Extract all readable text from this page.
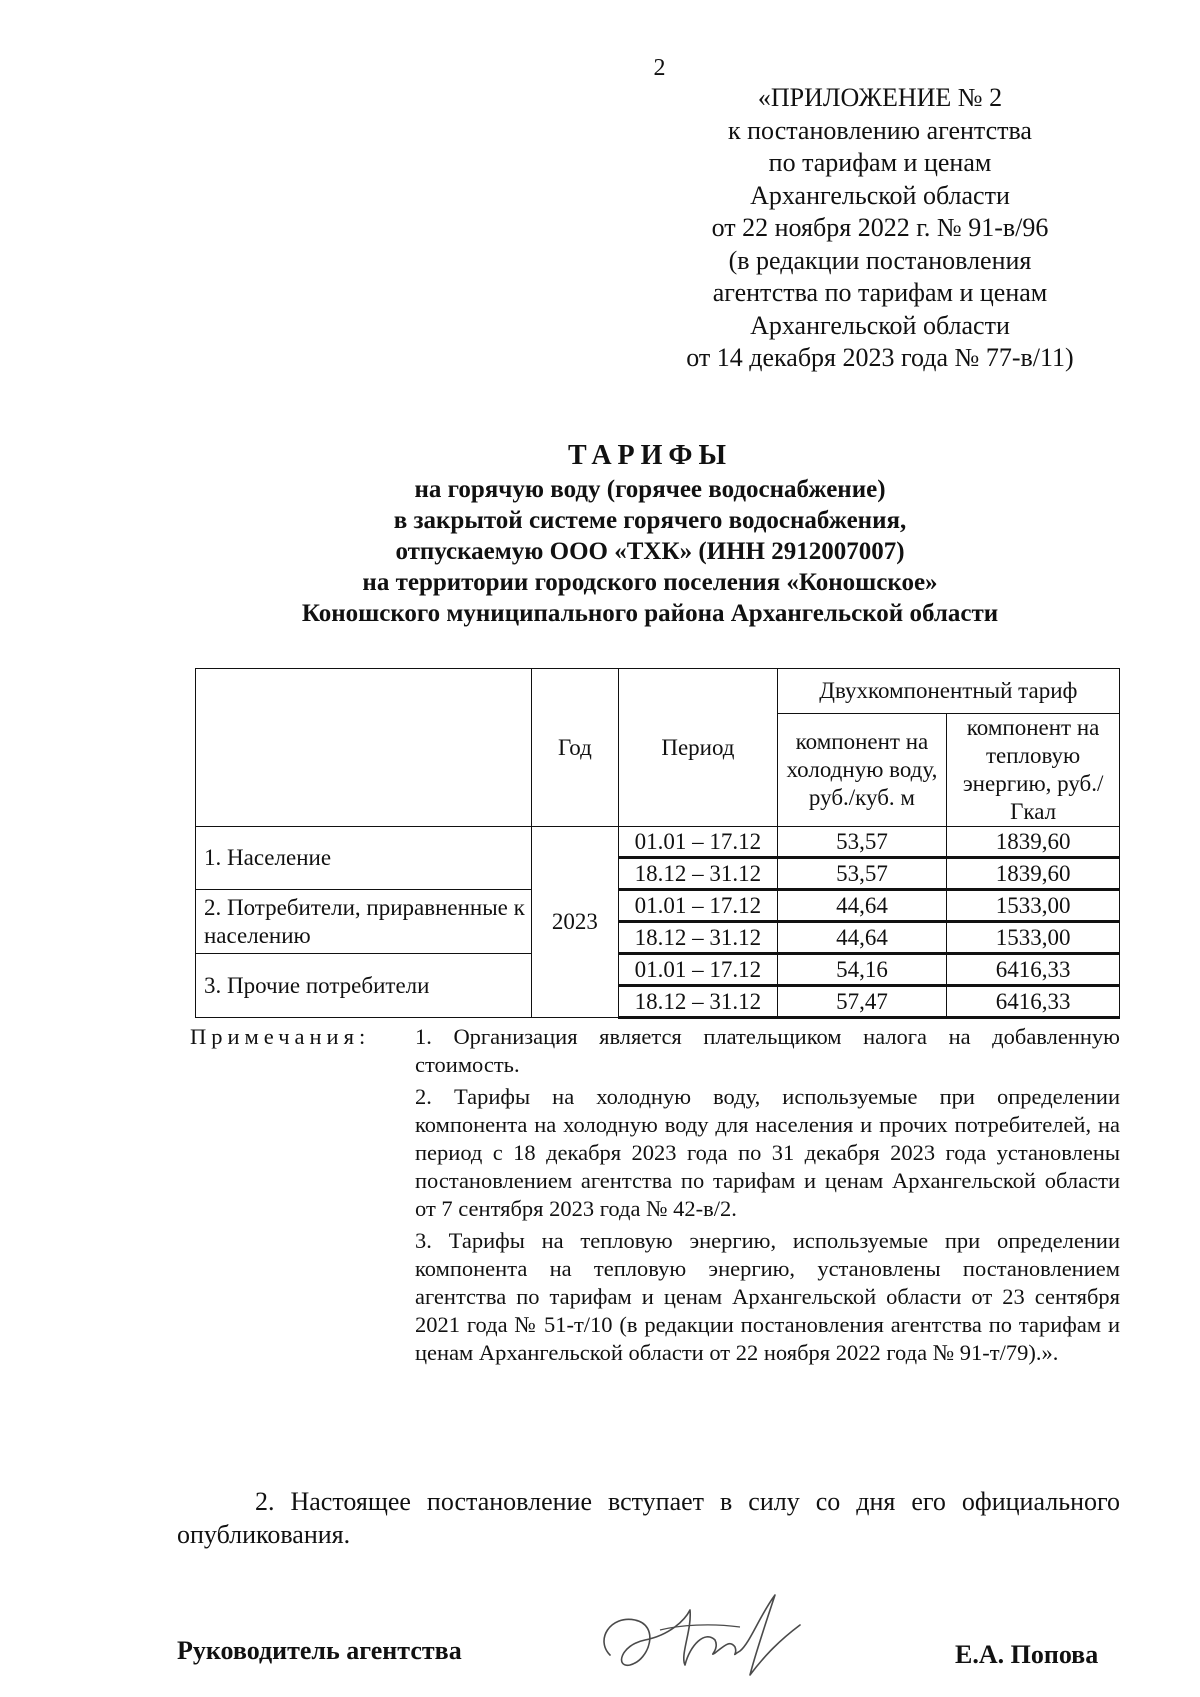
2
«ПРИЛОЖЕНИЕ № 2
к постановлению агентства
по тарифам и ценам
Архангельской области
от 22 ноября 2022 г. № 91-в/96
(в редакции постановления
агентства по тарифам и ценам
Архангельской области
от 14 декабря 2023 года № 77-в/11)
ТАРИФЫ
на горячую воду (горячее водоснабжение)
в закрытой системе горячего водоснабжения,
отпускаемую ООО «ТХК» (ИНН 2912007007)
на территории городского поселения «Коношское»
Коношского муниципального района Архангельской области
	Год	Период	Двухкомпонентный тариф	
			компонент на холодную воду, руб./куб. м	компонент на тепловую энергию, руб./Гкал
1. Население	2023	01.01 – 17.12	53,57	1839,60
		18.12 – 31.12	53,57	1839,60
2. Потребители, приравненные к населению		01.01 – 17.12	44,64	1533,00
		18.12 – 31.12	44,64	1533,00
3. Прочие потребители		01.01 – 17.12	54,16	6416,33
		18.12 – 31.12	57,47	6416,33
Примечания: 1. Организация является плательщиком налога на добавленную стоимость.

2. Тарифы на холодную воду, используемые при определении компонента на холодную воду для населения и прочих потребителей, на период с 18 декабря 2023 года по 31 декабря 2023 года установлены постановлением агентства по тарифам и ценам Архангельской области от 7 сентября 2023 года № 42-в/2.

3. Тарифы на тепловую энергию, используемые при определении компонента на тепловую энергию, установлены постановлением агентства по тарифам и ценам Архангельской области от 23 сентября 2021 года № 51-т/10 (в редакции постановления агентства по тарифам и ценам Архангельской области от 22 ноября 2022 года № 91-т/79).».

2. Настоящее постановление вступает в силу со дня его официального опубликования.
Руководитель агентства	Е.А. Попова
